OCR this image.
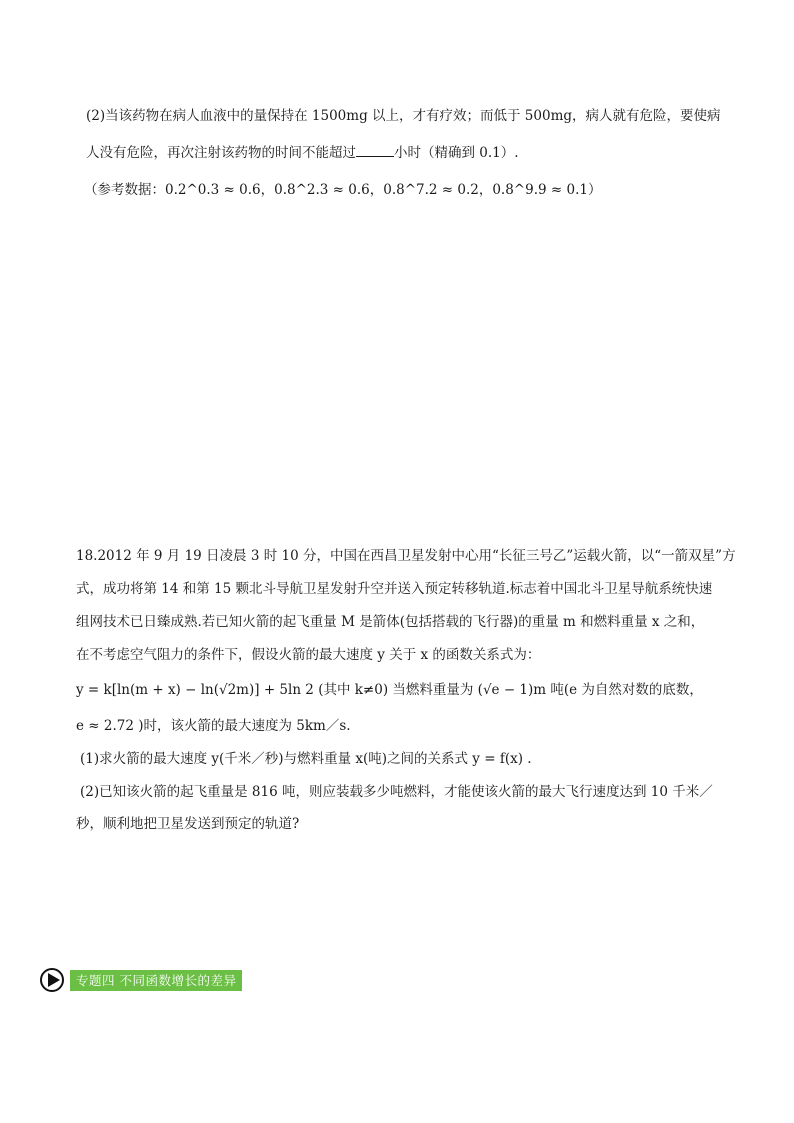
(2)当该药物在病人血液中的量保持在 1500mg 以上，才有疗效；而低于 500mg，病人就有危险，要使病
人没有危险，再次注射该药物的时间不能超过	小时（精确到 0.1）.
（参考数据：0.2^0.3 ≈ 0.6，0.8^2.3 ≈ 0.6，0.8^7.2 ≈ 0.2，0.8^9.9 ≈ 0.1）
18.2012 年 9 月 19 日凌晨 3 时 10 分，中国在西昌卫星发射中心用“长征三号乙”运载火箭，以“一箭双星”方
式，成功将第 14 和第 15 颗北斗导航卫星发射升空并送入预定转移轨道.标志着中国北斗卫星导航系统快速
组网技术已日臻成熟.若已知火箭的起飞重量 M 是箭体(包括搭载的飞行器)的重量 m 和燃料重量 x 之和，
在不考虑空气阻力的条件下，假设火箭的最大速度 y 关于 x 的函数关系式为：
y = k[ln(m + x) − ln(√2m)] + 5ln 2 (其中 k≠0) 当燃料重量为 (√e − 1)m 吨(e 为自然对数的底数，
e ≈ 2.72 )时，该火箭的最大速度为 5km／s.
(1)求火箭的最大速度 y(千米／秒)与燃料重量 x(吨)之间的关系式 y = f(x) .
(2)已知该火箭的起飞重量是 816 吨，则应装载多少吨燃料，才能使该火箭的最大飞行速度达到 10 千米／
秒，顺利地把卫星发送到预定的轨道?
专题四 不同函数增长的差异
